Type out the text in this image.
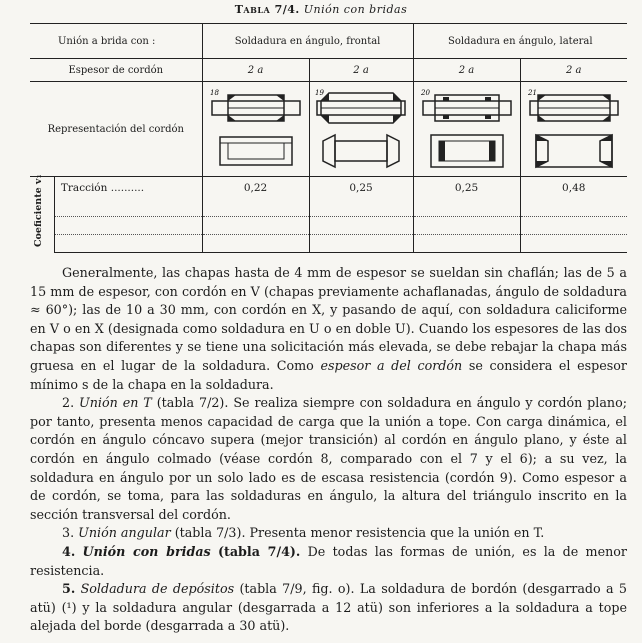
Tabla 7/4. Unión con bridas
Unión a brida con :		Soldadura en ángulo, frontal		Soldadura en ángulo, lateral	
Espesor de cordón		2 a	2 a	2 a	2 a
Representación del cordón		18	19	20	21

Coeficiente v₁	Tracción ..........	0,22	0,25	0,25	0,48

Generalmente, las chapas hasta de 4 mm de espesor se sueldan sin chaflán; las de 5 a 15 mm de espesor, con cordón en V (chapas previamente achaflanadas, ángulo de soldadura ≈ 60°); las de 10 a 30 mm, con cordón en X, y pasando de aquí, con soldadura caliciforme en V o en X (designada como soldadura en U o en doble U). Cuando los espesores de las dos chapas son diferentes y se tiene una solicitación más elevada, se debe rebajar la chapa más gruesa en el lugar de la soldadura. Como espesor a del cordón se considera el espesor mínimo s de la chapa en la soldadura.

2. Unión en T (tabla 7/2). Se realiza siempre con soldadura en ángulo y cordón plano; por tanto, presenta menos capacidad de carga que la unión a tope. Con carga dinámica, el cordón en ángulo cóncavo supera (mejor transición) al cordón en ángulo plano, y éste al cordón en ángulo colmado (véase cordón 8, comparado con el 7 y el 6); a su vez, la soldadura en ángulo por un solo lado es de escasa resistencia (cordón 9). Como espesor a de cordón, se toma, para las soldaduras en ángulo, la altura del triángulo inscrito en la sección transversal del cordón.

3. Unión angular (tabla 7/3). Presenta menor resistencia que la unión en T.

4. Unión con bridas (tabla 7/4). De todas las formas de unión, es la de menor resistencia.

5. Soldadura de depósitos (tabla 7/9, fig. o). La soldadura de bordón (desgarrado a 5 atü) (¹) y la soldadura angular (desgarrada a 12 atü) son inferiores a la soldadura a tope alejada del borde (desgarrada a 30 atü).
